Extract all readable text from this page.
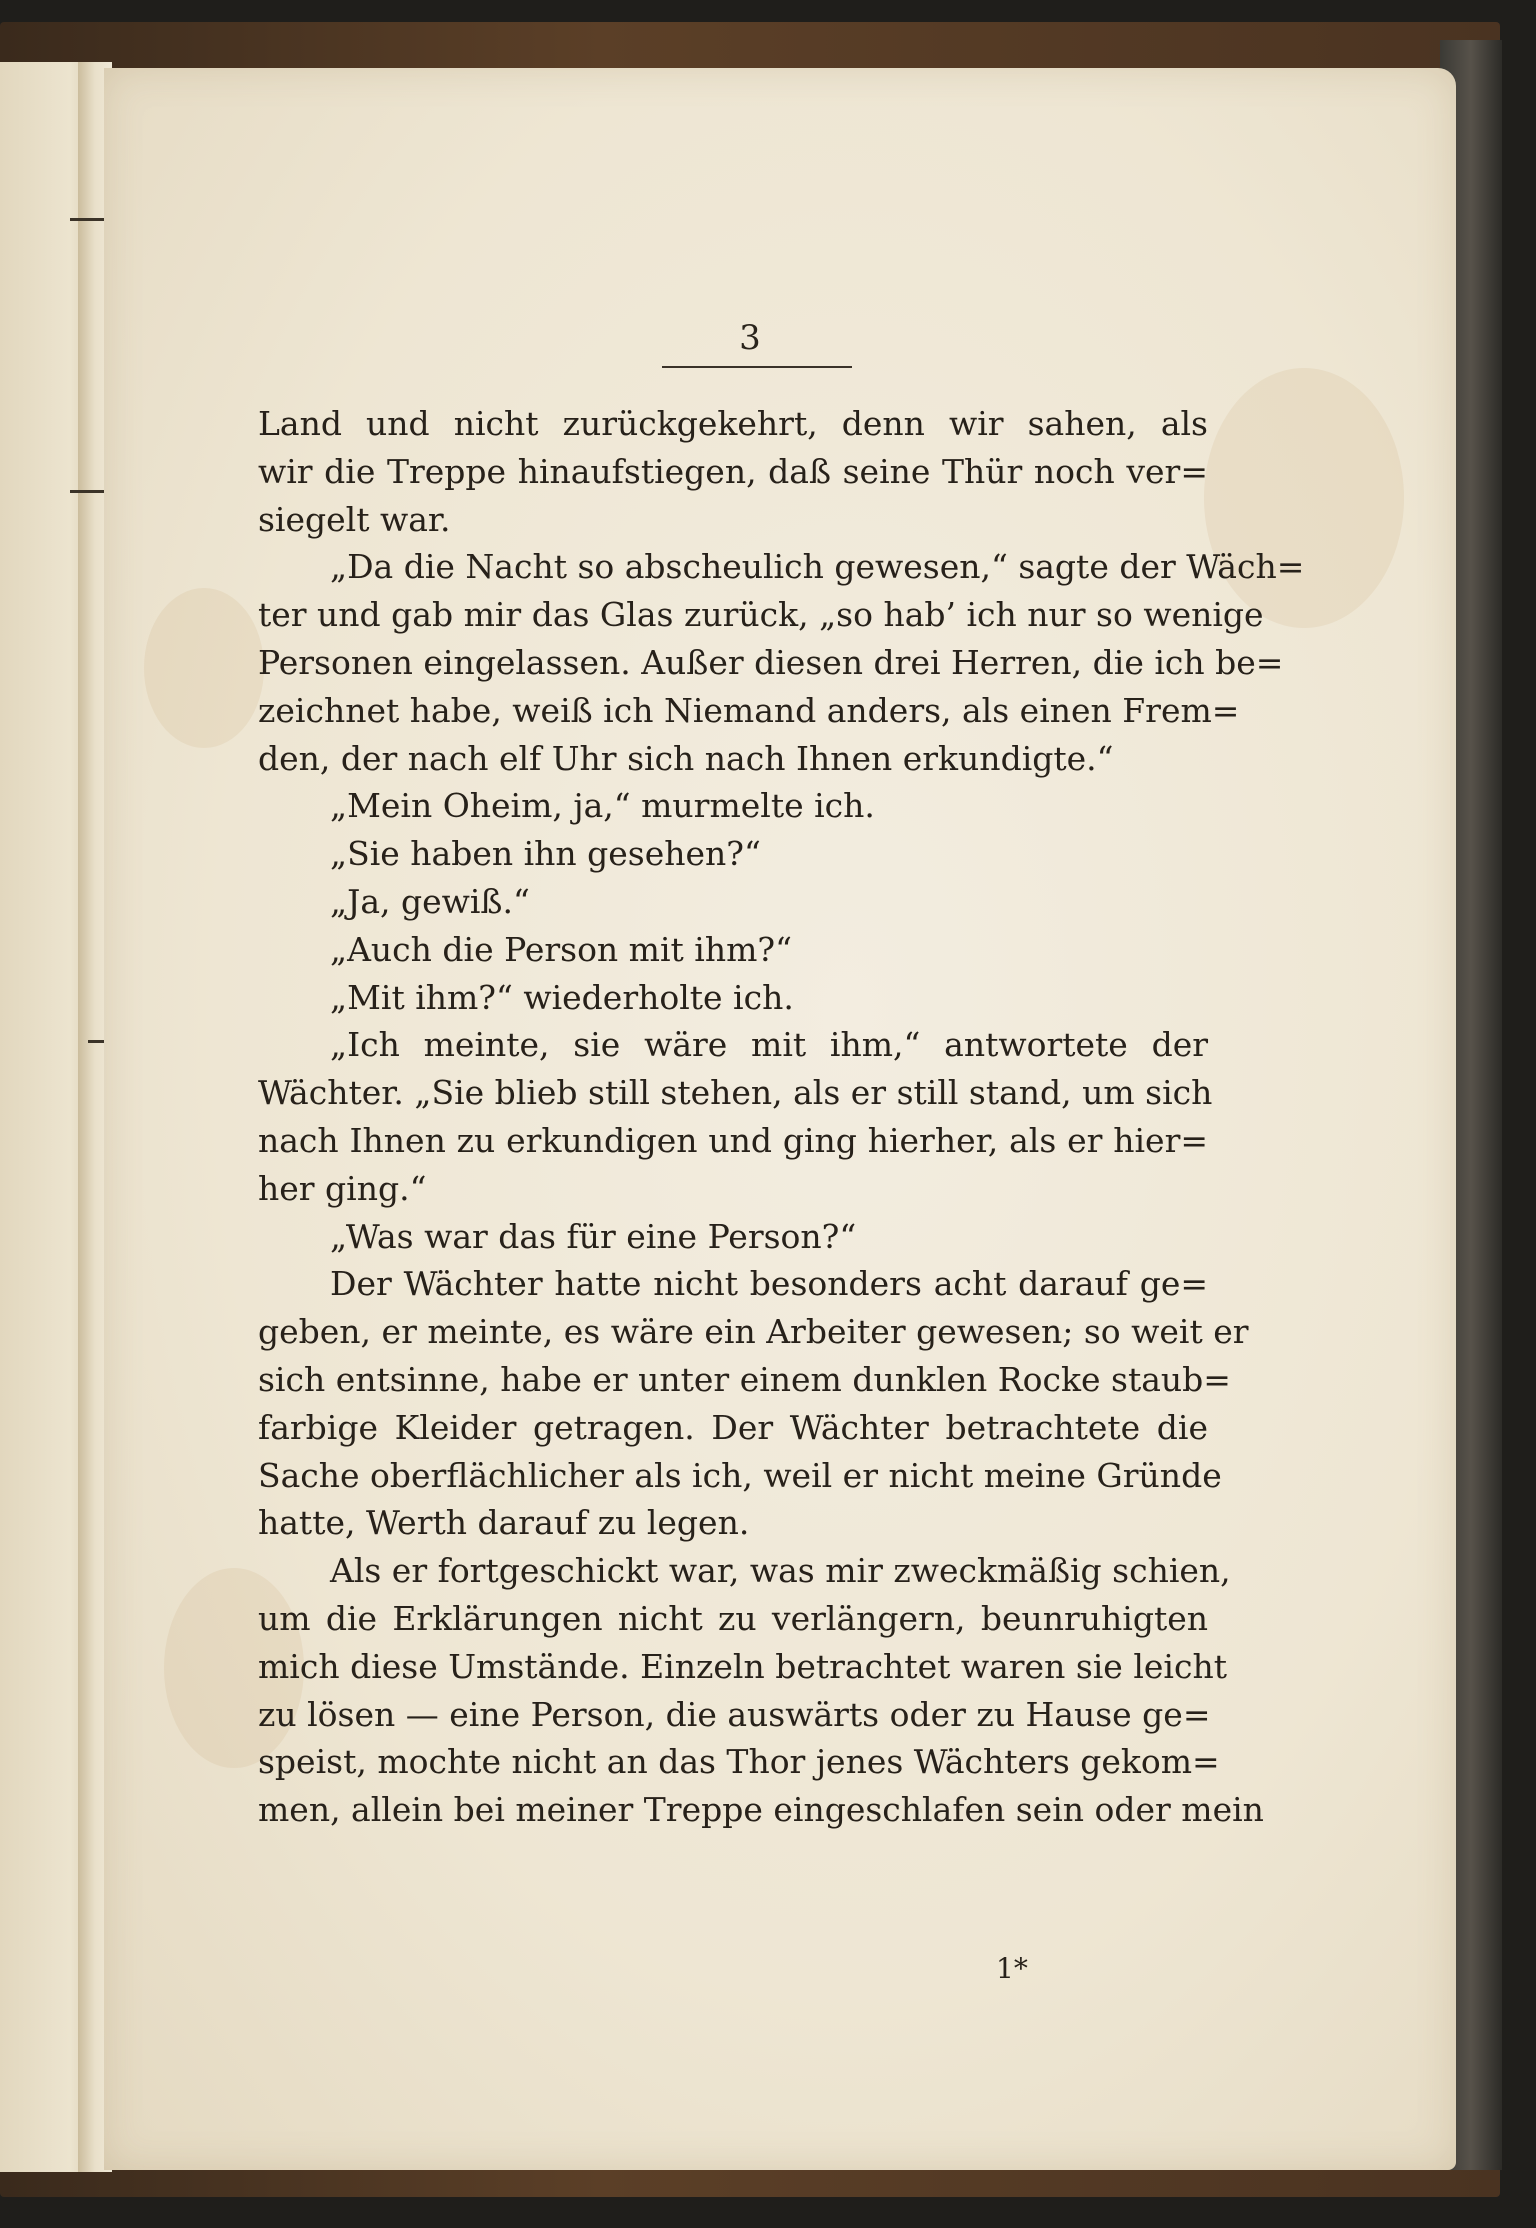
3
Land und nicht zurückgekehrt, denn wir sahen, als
wir die Treppe hinaufstiegen, daß seine Thür noch ver=
siegelt war.
„Da die Nacht so abscheulich gewesen,“ sagte der Wäch=
ter und gab mir das Glas zurück, „so hab’ ich nur so wenige
Personen eingelassen. Außer diesen drei Herren, die ich be=
zeichnet habe, weiß ich Niemand anders, als einen Frem=
den, der nach elf Uhr sich nach Ihnen erkundigte.“
„Mein Oheim, ja,“ murmelte ich.
„Sie haben ihn gesehen?“
„Ja, gewiß.“
„Auch die Person mit ihm?“
„Mit ihm?“ wiederholte ich.
„Ich meinte, sie wäre mit ihm,“ antwortete der
Wächter. „Sie blieb still stehen, als er still stand, um sich
nach Ihnen zu erkundigen und ging hierher, als er hier=
her ging.“
„Was war das für eine Person?“
Der Wächter hatte nicht besonders acht darauf ge=
geben, er meinte, es wäre ein Arbeiter gewesen; so weit er
sich entsinne, habe er unter einem dunklen Rocke staub=
farbige Kleider getragen. Der Wächter betrachtete die
Sache oberflächlicher als ich, weil er nicht meine Gründe
hatte, Werth darauf zu legen.
Als er fortgeschickt war, was mir zweckmäßig schien,
um die Erklärungen nicht zu verlängern, beunruhigten
mich diese Umstände. Einzeln betrachtet waren sie leicht
zu lösen — eine Person, die auswärts oder zu Hause ge=
speist, mochte nicht an das Thor jenes Wächters gekom=
men, allein bei meiner Treppe eingeschlafen sein oder mein
1*
